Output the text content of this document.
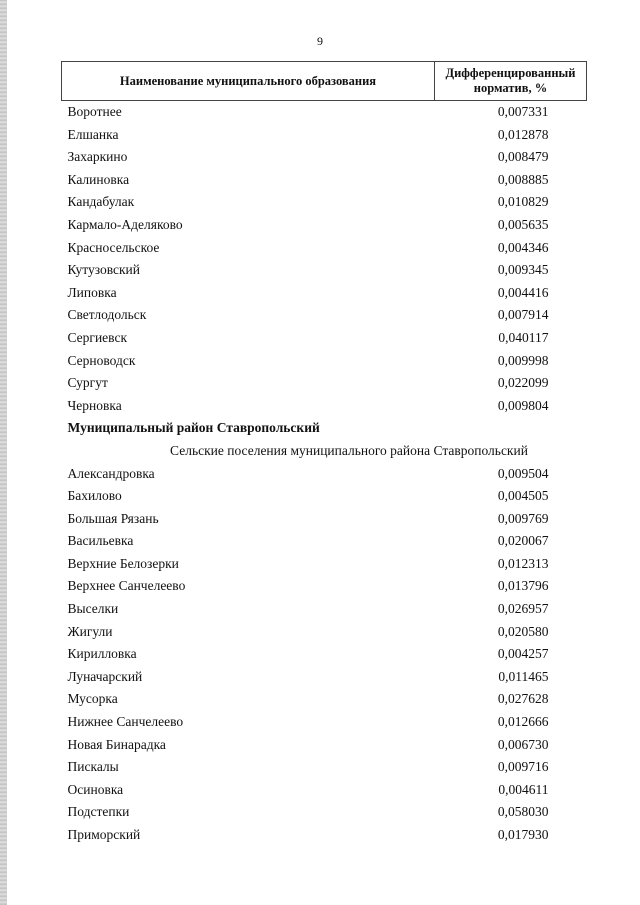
9
Наименование муниципального образования	Дифференцированный норматив, %
Воротнее	0,007331
Елшанка	0,012878
Захаркино	0,008479
Калиновка	0,008885
Кандабулак	0,010829
Кармало-Аделяково	0,005635
Красносельское	0,004346
Кутузовский	0,009345
Липовка	0,004416
Светлодольск	0,007914
Сергиевск	0,040117
Серноводск	0,009998
Сургут	0,022099
Черновка	0,009804
Муниципальный район Ставропольский	
Сельские поселения муниципального района Ставропольский	
Александровка	0,009504
Бахилово	0,004505
Большая Рязань	0,009769
Васильевка	0,020067
Верхние Белозерки	0,012313
Верхнее Санчелеево	0,013796
Выселки	0,026957
Жигули	0,020580
Кирилловка	0,004257
Луначарский	0,011465
Мусорка	0,027628
Нижнее Санчелеево	0,012666
Новая Бинарадка	0,006730
Пискалы	0,009716
Осиновка	0,004611
Подстепки	0,058030
Приморский	0,017930
